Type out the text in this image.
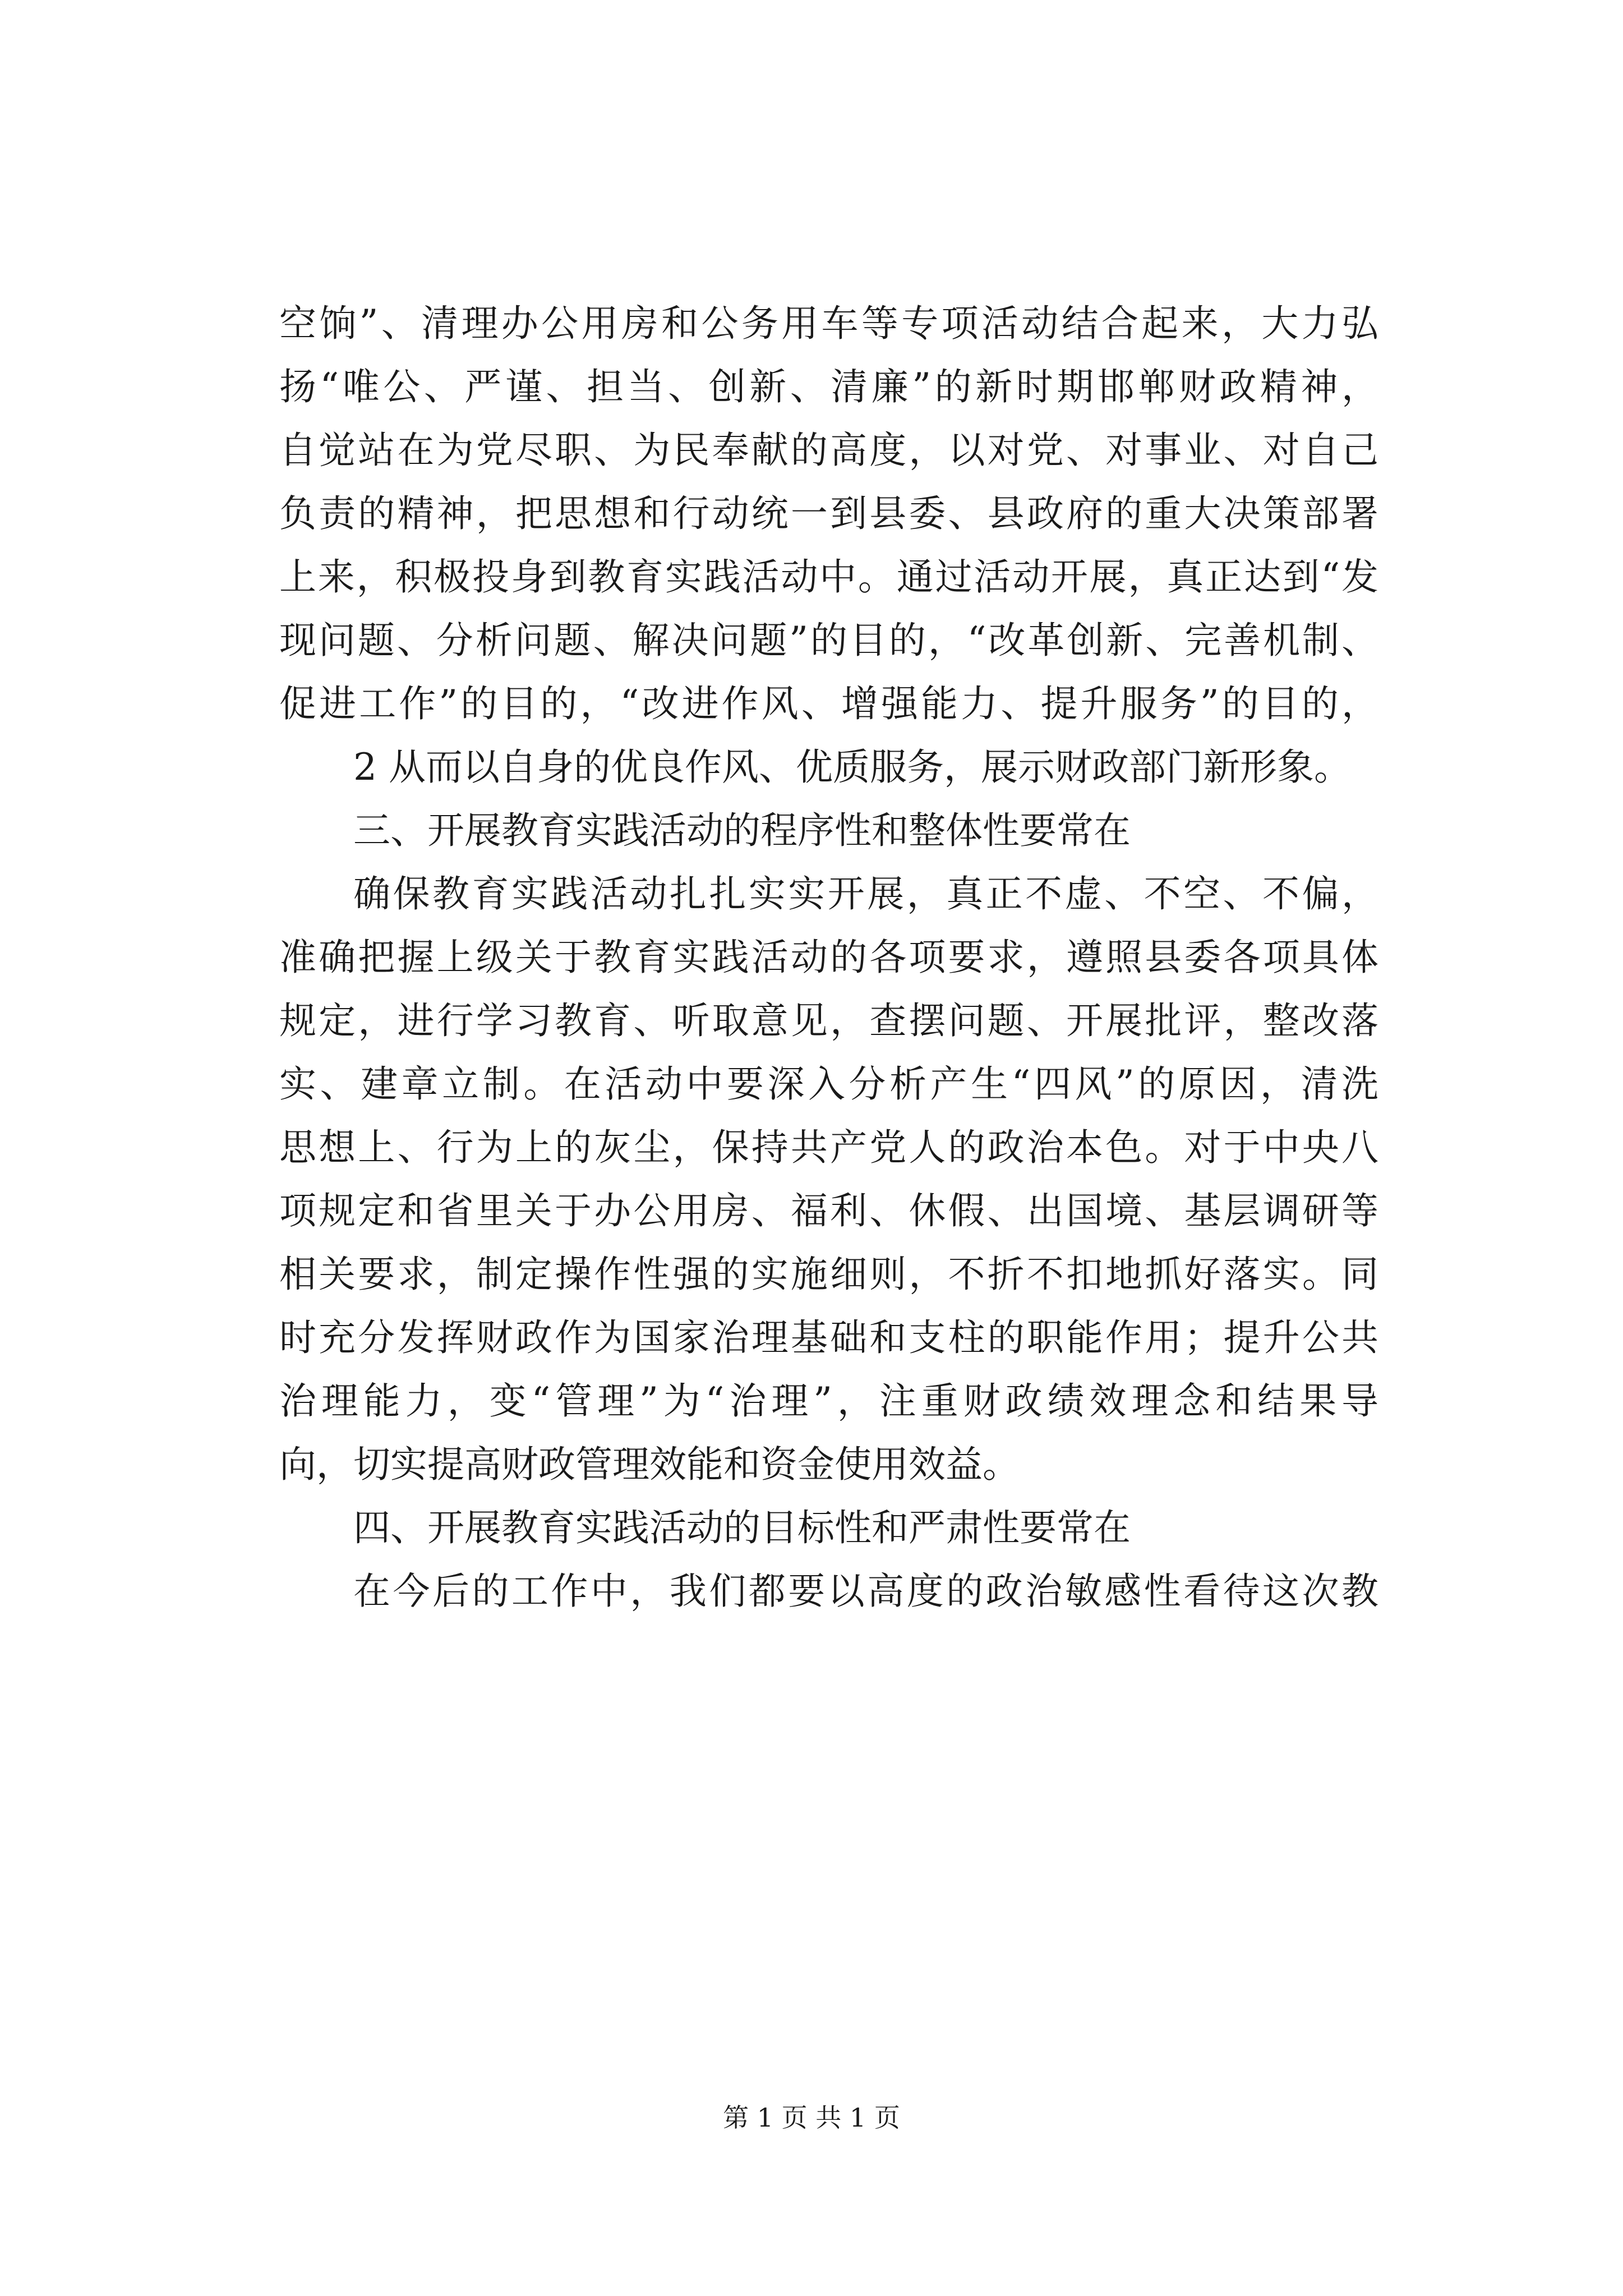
空饷”、清理办公用房和公务用车等专项活动结合起来，大力弘
扬“唯公、严谨、担当、创新、清廉”的新时期邯郸财政精神，
自觉站在为党尽职、为民奉献的高度，以对党、对事业、对自己
负责的精神，把思想和行动统一到县委、县政府的重大决策部署
上来，积极投身到教育实践活动中。通过活动开展，真正达到“发
现问题、分析问题、解决问题”的目的，“改革创新、完善机制、
促进工作”的目的，“改进作风、增强能力、提升服务”的目的，
2 从而以自身的优良作风、优质服务，展示财政部门新形象。
三、开展教育实践活动的程序性和整体性要常在
确保教育实践活动扎扎实实开展，真正不虚、不空、不偏，
准确把握上级关于教育实践活动的各项要求，遵照县委各项具体
规定，进行学习教育、听取意见，查摆问题、开展批评，整改落
实、建章立制。在活动中要深入分析产生“四风”的原因，清洗
思想上、行为上的灰尘，保持共产党人的政治本色。对于中央八
项规定和省里关于办公用房、福利、休假、出国境、基层调研等
相关要求，制定操作性强的实施细则，不折不扣地抓好落实。同
时充分发挥财政作为国家治理基础和支柱的职能作用；提升公共
治理能力，变“管理”为“治理”，注重财政绩效理念和结果导
向，切实提高财政管理效能和资金使用效益。
四、开展教育实践活动的目标性和严肃性要常在
在今后的工作中，我们都要以高度的政治敏感性看待这次教
第 1 页 共 1 页
